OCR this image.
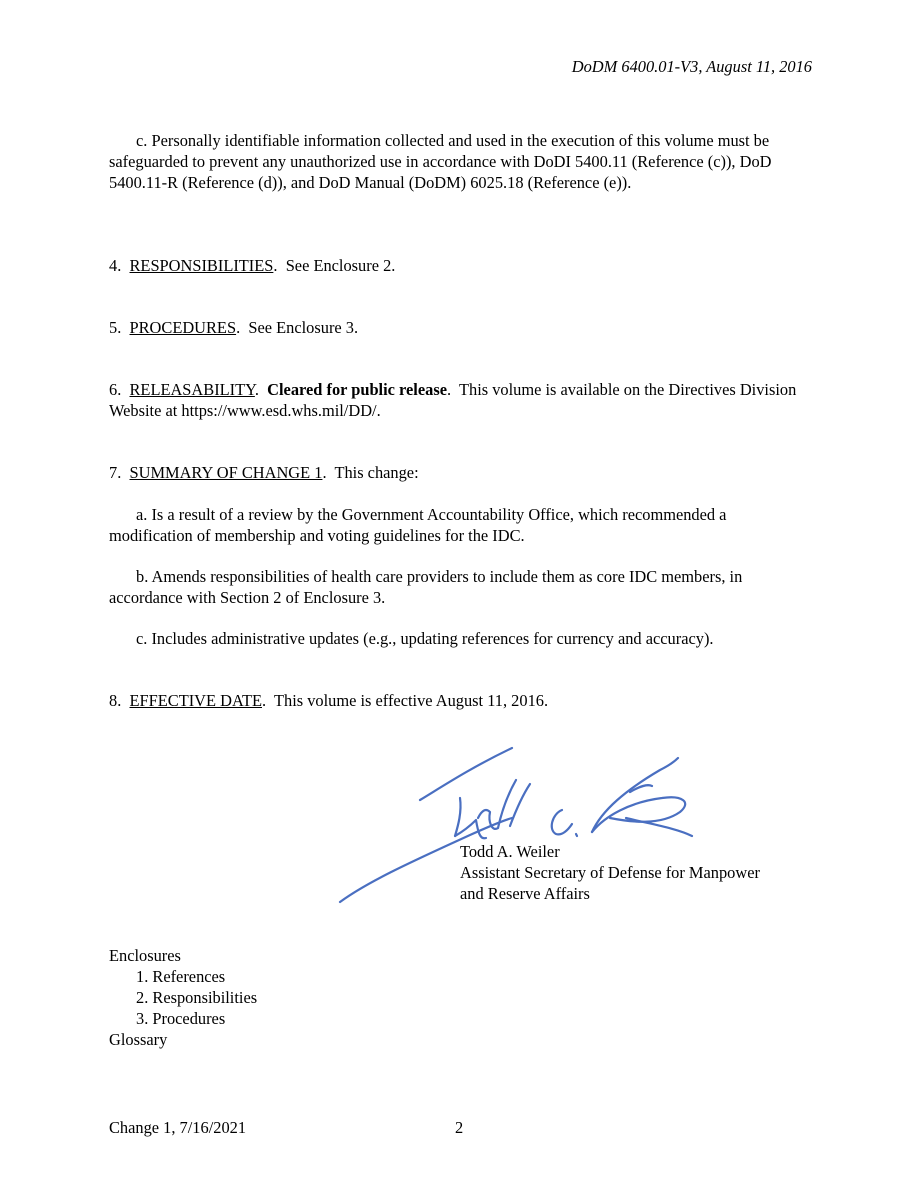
DoDM 6400.01-V3, August 11, 2016
c. Personally identifiable information collected and used in the execution of this volume must be safeguarded to prevent any unauthorized use in accordance with DoDI 5400.11 (Reference (c)), DoD 5400.11-R (Reference (d)), and DoD Manual (DoDM) 6025.18 (Reference (e)).
4. RESPONSIBILITIES.  See Enclosure 2.
5. PROCEDURES.  See Enclosure 3.
6. RELEASABILITY.  Cleared for public release.  This volume is available on the Directives Division Website at https://www.esd.whs.mil/DD/.
7. SUMMARY OF CHANGE 1.  This change:
a. Is a result of a review by the Government Accountability Office, which recommended a modification of membership and voting guidelines for the IDC.
b. Amends responsibilities of health care providers to include them as core IDC members, in accordance with Section 2 of Enclosure 3.
c. Includes administrative updates (e.g., updating references for currency and accuracy).
8. EFFECTIVE DATE.  This volume is effective August 11, 2016.
Todd A. Weiler
Assistant Secretary of Defense for Manpower
and Reserve Affairs
Enclosures
1. References
2. Responsibilities
3. Procedures
Glossary
Change 1, 7/16/2021	2
